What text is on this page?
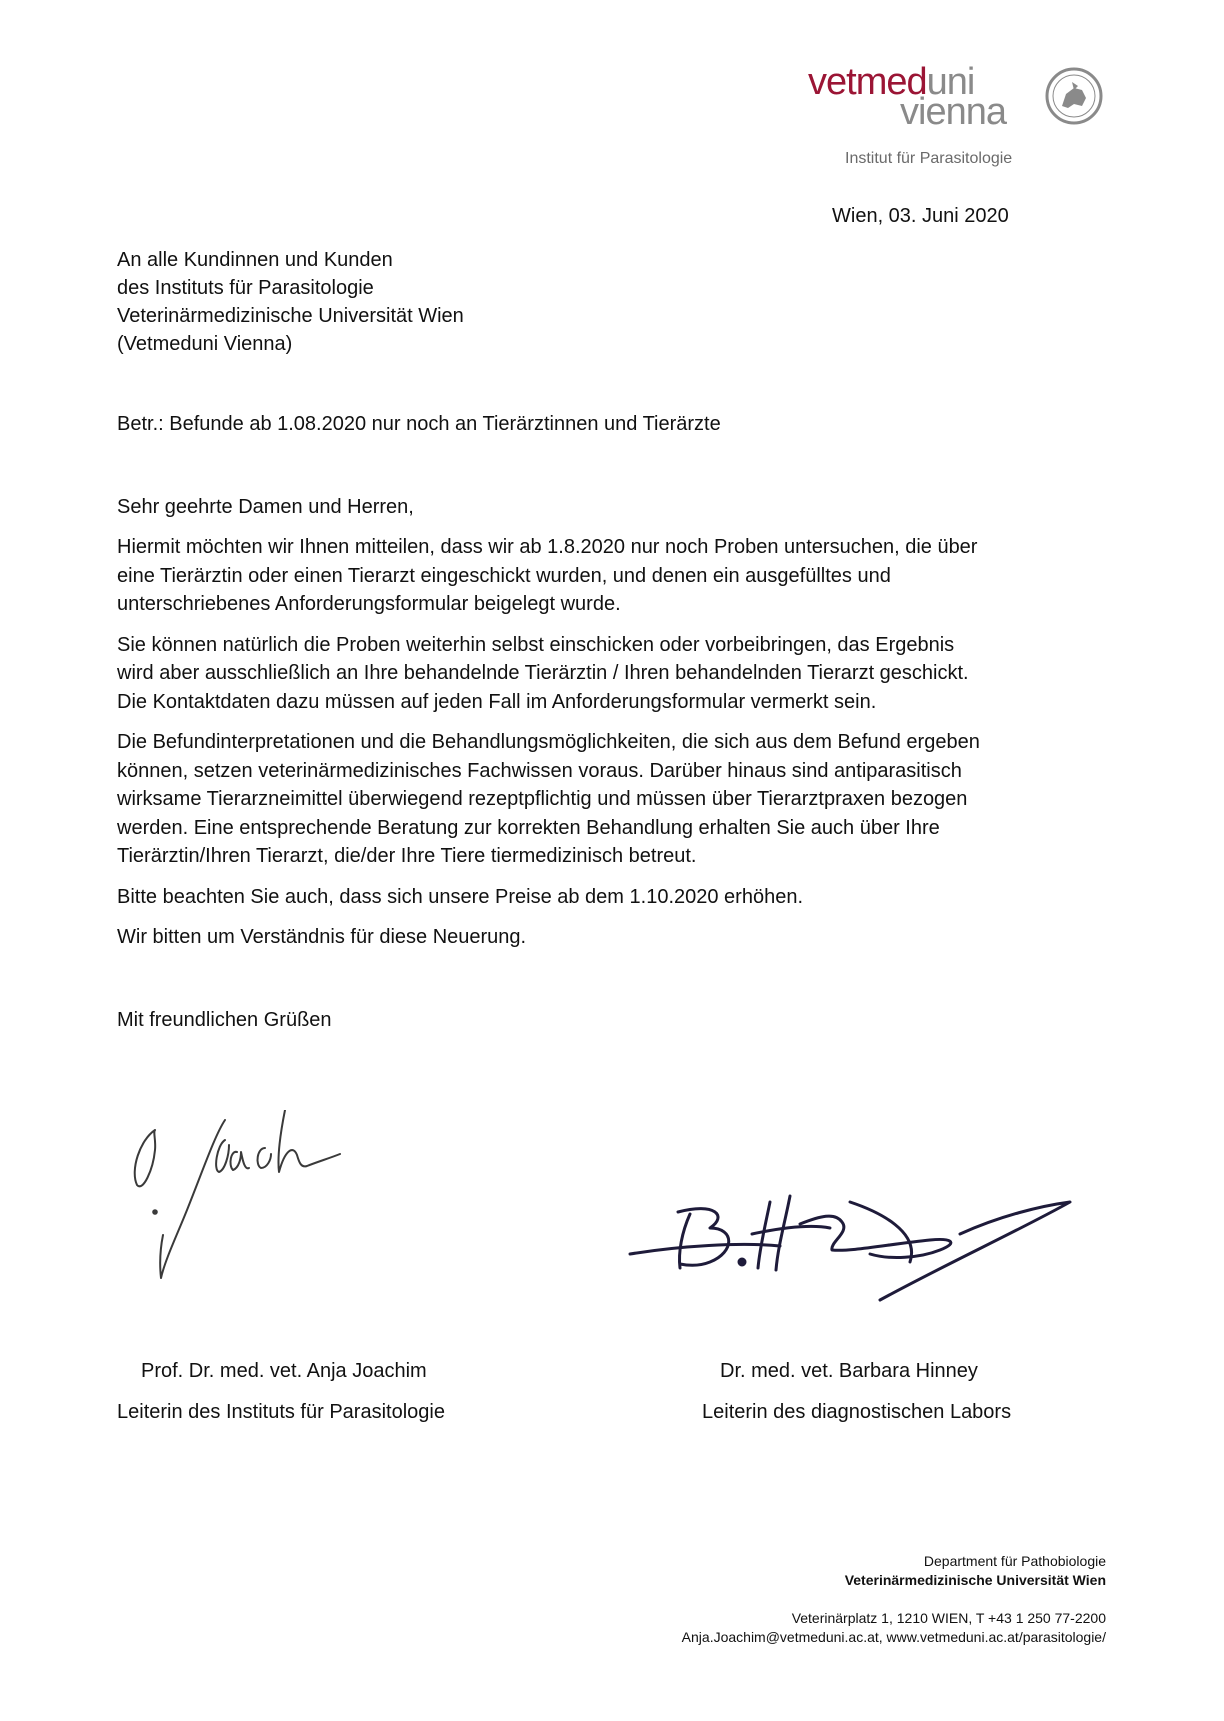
vetmeduni
vienna
Institut für Parasitologie
Wien, 03. Juni 2020
An alle Kundinnen und Kunden
des Instituts für Parasitologie
Veterinärmedizinische Universität Wien
(Vetmeduni Vienna)
Betr.: Befunde ab 1.08.2020 nur noch an Tierärztinnen und Tierärzte
Sehr geehrte Damen und Herren,

Hiermit möchten wir Ihnen mitteilen, dass wir ab 1.8.2020 nur noch Proben untersuchen, die über
eine Tierärztin oder einen Tierarzt eingeschickt wurden, und denen ein ausgefülltes und
unterschriebenes Anforderungsformular beigelegt wurde.

Sie können natürlich die Proben weiterhin selbst einschicken oder vorbeibringen, das Ergebnis
wird aber ausschließlich an Ihre behandelnde Tierärztin / Ihren behandelnden Tierarzt geschickt.
Die Kontaktdaten dazu müssen auf jeden Fall im Anforderungsformular vermerkt sein.

Die Befundinterpretationen und die Behandlungsmöglichkeiten, die sich aus dem Befund ergeben
können, setzen veterinärmedizinisches Fachwissen voraus. Darüber hinaus sind antiparasitisch
wirksame Tierarzneimittel überwiegend rezeptpflichtig und müssen über Tierarztpraxen bezogen
werden. Eine entsprechende Beratung zur korrekten Behandlung erhalten Sie auch über Ihre
Tierärztin/Ihren Tierarzt, die/der Ihre Tiere tiermedizinisch betreut.

Bitte beachten Sie auch, dass sich unsere Preise ab dem 1.10.2020 erhöhen.

Wir bitten um Verständnis für diese Neuerung.

Mit freundlichen Grüßen
Prof. Dr. med. vet. Anja Joachim
Leiterin des Instituts für Parasitologie
Dr. med. vet. Barbara Hinney
Leiterin des diagnostischen Labors
Department für Pathobiologie
Veterinärmedizinische Universität Wien
Veterinärplatz 1, 1210 WIEN, T +43 1 250 77-2200
Anja.Joachim@vetmeduni.ac.at, www.vetmeduni.ac.at/parasitologie/
